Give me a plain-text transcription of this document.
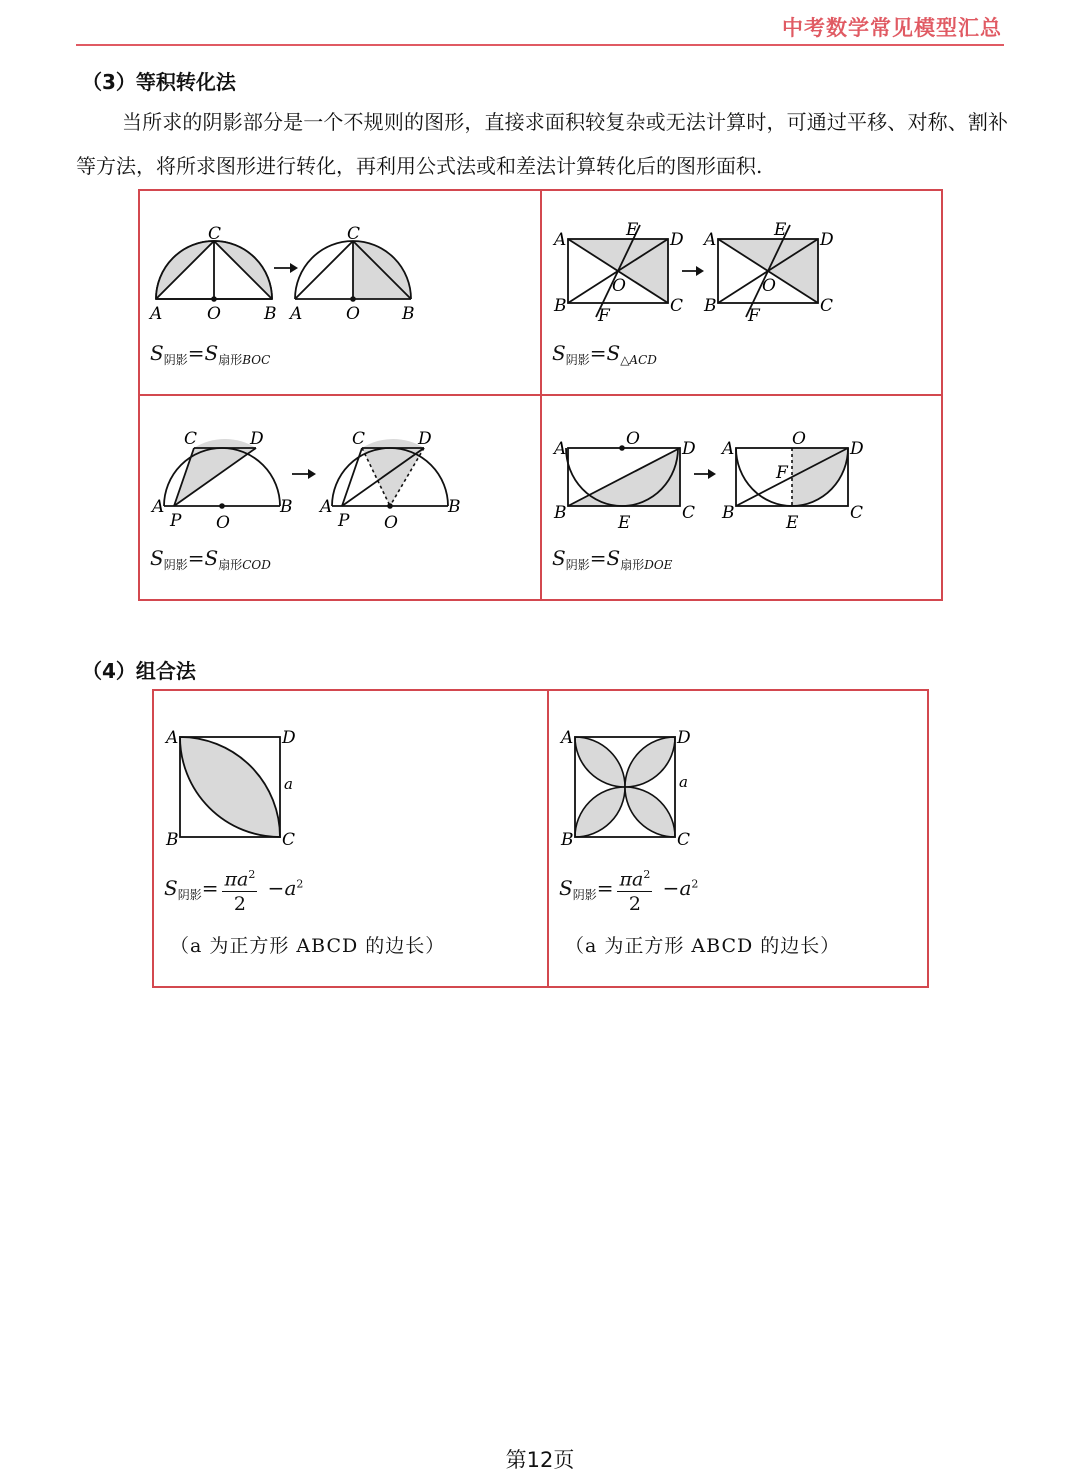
中考数学常见模型汇总
（3）等积转化法
当所求的阴影部分是一个不规则的图形，直接求面积较复杂或无法计算时，可通过平移、对称、割补等方法，将所求图形进行转化，再利用公式法或和差法计算转化后的图形面积.
C
A	O	B
C
A	O B
$S_{阴影}=S_{扇形BOC}$
A	E D
O
B F	C
A	E D
O
B F	C
$S_{阴影}=S_{\triangle ACD}$
C	D
A
P O
B
C	D
A
P O
B
$S_{阴影}=S_{扇形COD}$
A	O D
B	E	C
A	O	D
F
B	E	C
$S_{阴影}=S_{扇形DOE}$
（4）组合法
A	D
B	C
a
$S_{阴影}= \frac{\pi a^2}{2} -a^2$
（a 为正方形 ABCD 的边长）
A	D
B	C
a
$S_{阴影}= \frac{\pi a^2}{2} -a^2$
（a 为正方形 ABCD 的边长）
第12页
